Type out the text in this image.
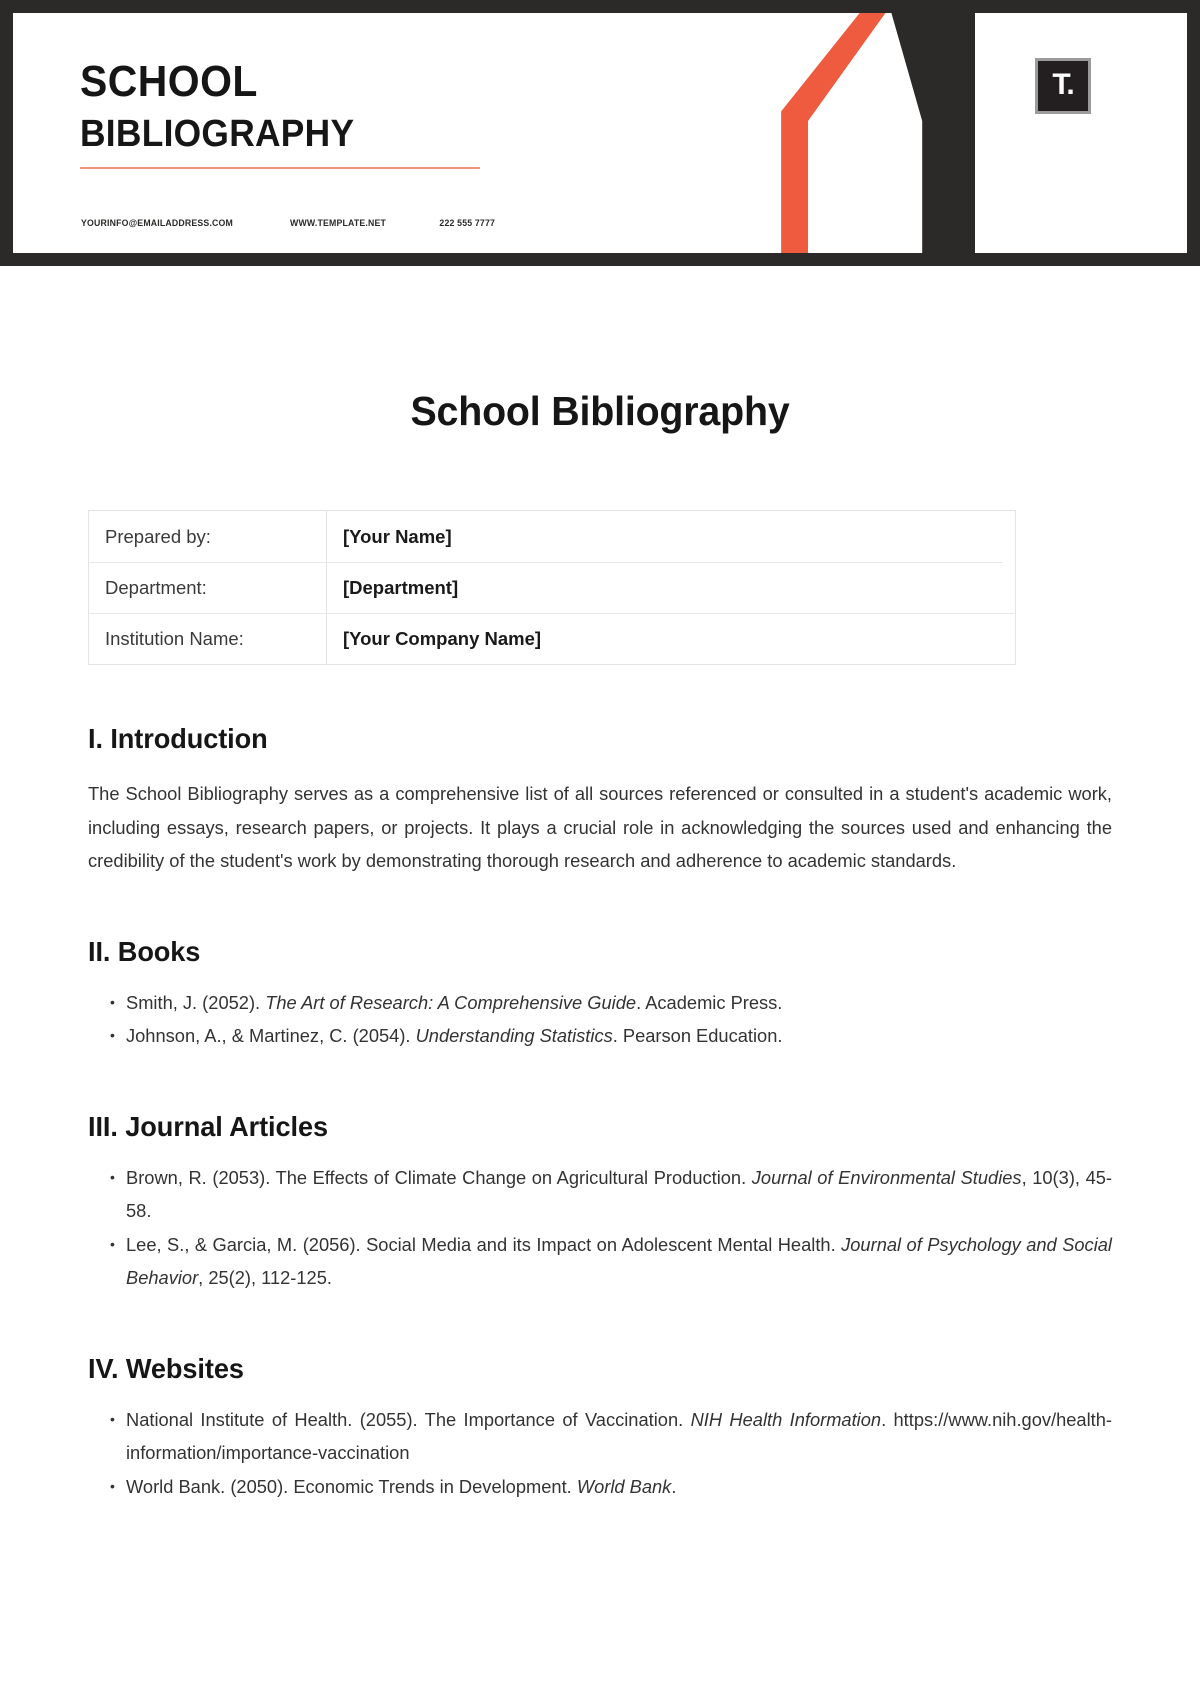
SCHOOL
BIBLIOGRAPHY
YOURINFO@EMAILADDRESS.COM	WWW.TEMPLATE.NET	222 555 7777
T.
School Bibliography
Prepared by:	[Your Name]
Department:	[Department]
Institution Name:	[Your Company Name]
I. Introduction

The School Bibliography serves as a comprehensive list of all sources referenced or consulted in a student's academic work, including essays, research papers, or projects. It plays a crucial role in acknowledging the sources used and enhancing the credibility of the student's work by demonstrating thorough research and adherence to academic standards.

II. Books
• Smith, J. (2052). The Art of Research: A Comprehensive Guide. Academic Press.
• Johnson, A., & Martinez, C. (2054). Understanding Statistics. Pearson Education.
III. Journal Articles
• Brown, R. (2053). The Effects of Climate Change on Agricultural Production. Journal of Environmental Studies, 10(3), 45-58.
• Lee, S., & Garcia, M. (2056). Social Media and its Impact on Adolescent Mental Health. Journal of Psychology and Social Behavior, 25(2), 112-125.
IV. Websites
• National Institute of Health. (2055). The Importance of Vaccination. NIH Health Information. https://www.nih.gov/health-information/importance-vaccination
• World Bank. (2050). Economic Trends in Development. World Bank.
